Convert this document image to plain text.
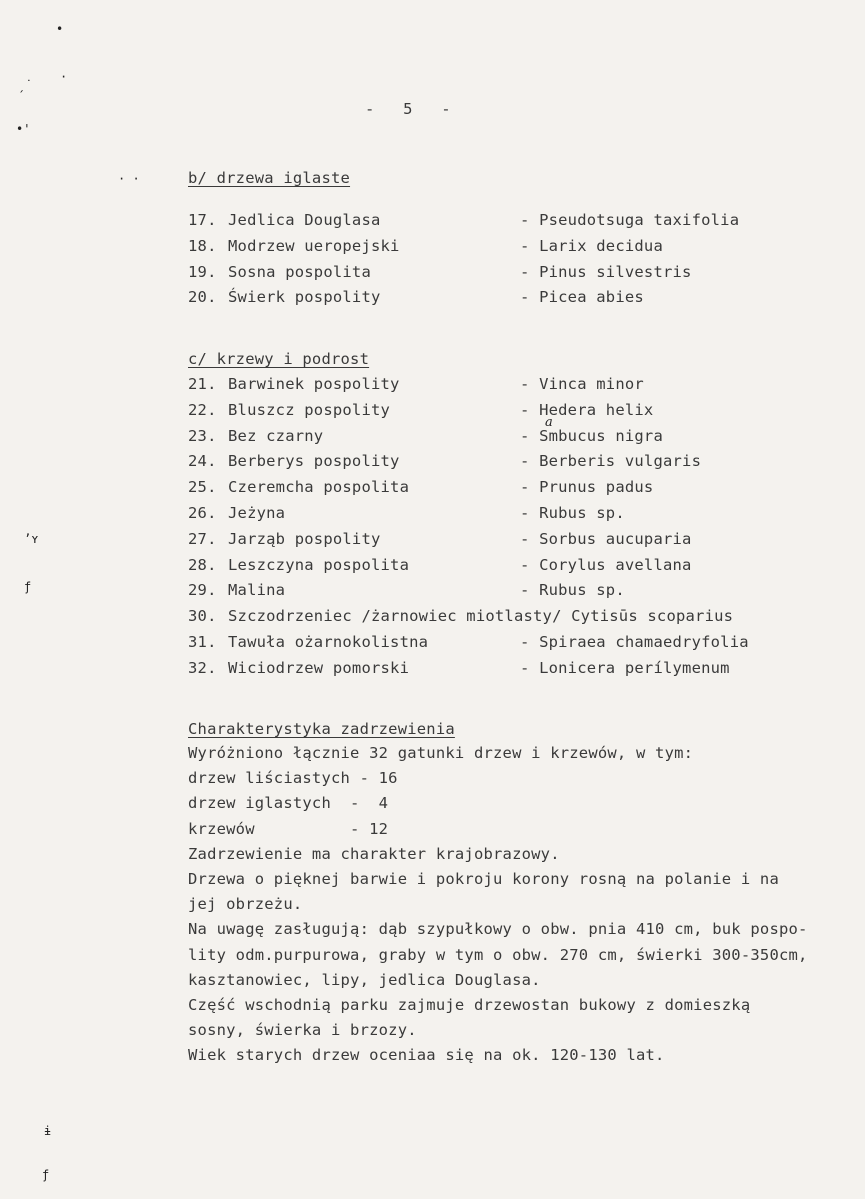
•
ˏ˙
·
•'
· ·
ʼʏ
ƒ
ɨ
ƒ
-   5   -
b/ drzewa iglaste
17. Jedlica Douglasa	- Pseudotsuga taxifolia
18. Modrzew ueropejski	- Larix decidua
19. Sosna pospolita	- Pinus silvestris
20. Świerk pospolity	- Picea abies
c/ krzewy i podrost
21. Barwinek pospolity	- Vinca minor
22. Bluszcz pospolity	- Hedera helix
23. Bez czarny	- Smbucus nigra
24. Berberys pospolity	- Berberis vulgaris
25. Czeremcha pospolita	- Prunus padus
26. Jeżyna	- Rubus sp.
27. Jarząb pospolity	- Sorbus aucuparia
28. Leszczyna pospolita	- Corylus avellana
29. Malina	- Rubus sp.
30. Szczodrzeniec /żarnowiec miotlasty/ Cytisūs scoparius
31. Tawuła ożarnokolistna	- Spiraea chamaedryfolia
32. Wiciodrzew pomorski	- Lonicera perílymenum
a
Charakterystyka zadrzewienia
Wyróżniono łącznie 32 gatunki drzew i krzewów, w tym:
drzew liściastych - 16
drzew iglastych  -  4
krzewów          - 12
Zadrzewienie ma charakter krajobrazowy.
Drzewa o pięknej barwie i pokroju korony rosną na polanie i na
jej obrzeżu.
Na uwagę zasługują: dąb szypułkowy o obw. pnia 410 cm, buk pospo-
lity odm.purpurowa, graby w tym o obw. 270 cm, świerki 300-350cm,
kasztanowiec, lipy, jedlica Douglasa.
Część wschodnią parku zajmuje drzewostan bukowy z domieszką
sosny, świerka i brzozy.
Wiek starych drzew oceniaa się na ok. 120-130 lat.
